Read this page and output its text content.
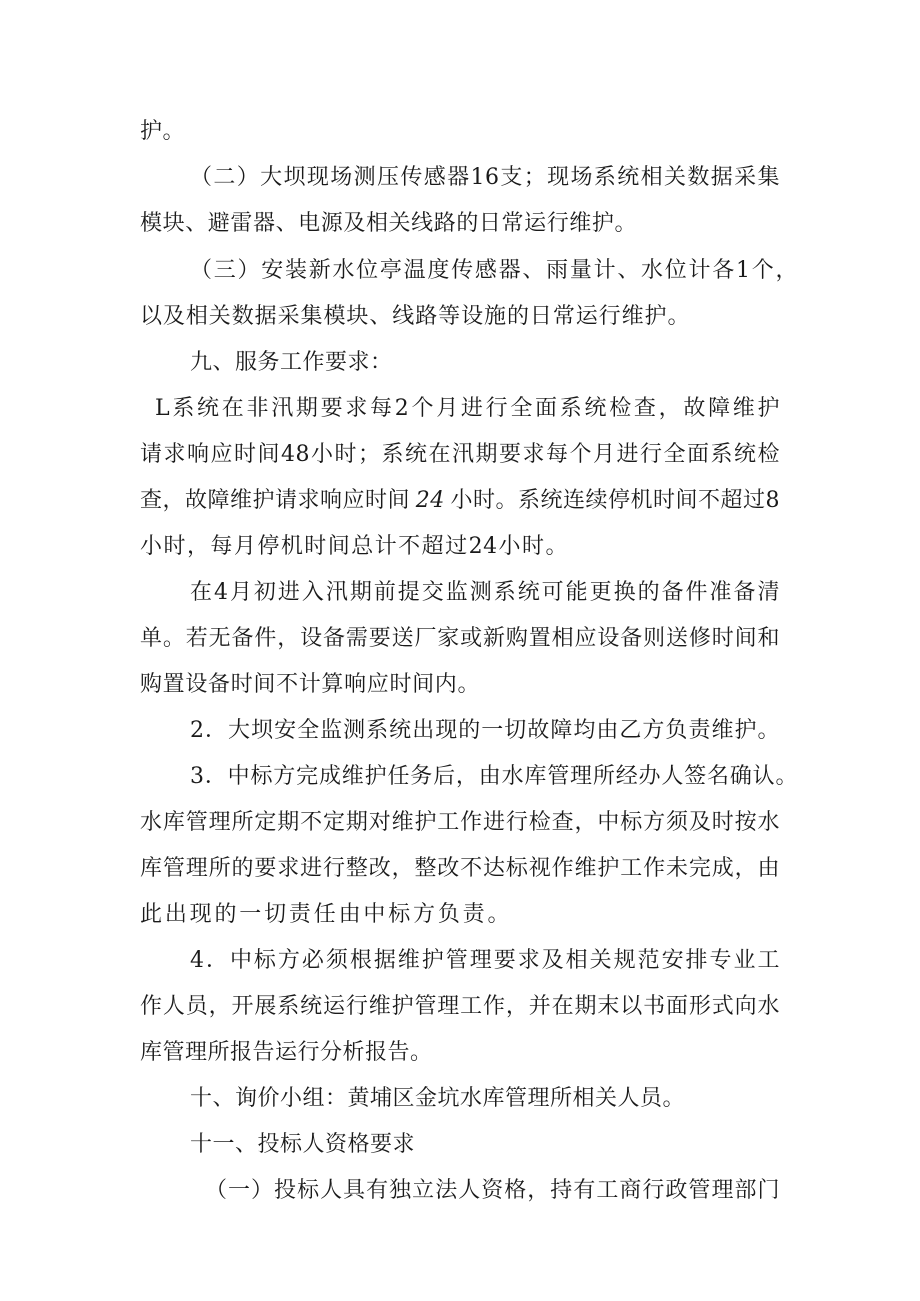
护。
（二）大坝现场测压传感器16支；现场系统相关数据采集
模块、避雷器、电源及相关线路的日常运行维护。
（三）安装新水位亭温度传感器、雨量计、水位计各1个，
以及相关数据采集模块、线路等设施的日常运行维护。
九、服务工作要求：
L系统在非汛期要求每2个月进行全面系统检查，故障维护
请求响应时间48小时；系统在汛期要求每个月进行全面系统检
查，故障维护请求响应时间 24 小时。系统连续停机时间不超过8
小时，每月停机时间总计不超过24小时。
在4月初进入汛期前提交监测系统可能更换的备件准备清
单。若无备件，设备需要送厂家或新购置相应设备则送修时间和
购置设备时间不计算响应时间内。
2．大坝安全监测系统出现的一切故障均由乙方负责维护。
3．中标方完成维护任务后，由水库管理所经办人签名确认。
水库管理所定期不定期对维护工作进行检查，中标方须及时按水
库管理所的要求进行整改，整改不达标视作维护工作未完成，由
此出现的一切责任由中标方负责。
4．中标方必须根据维护管理要求及相关规范安排专业工
作人员，开展系统运行维护管理工作，并在期末以书面形式向水
库管理所报告运行分析报告。
十、询价小组：黄埔区金坑水库管理所相关人员。
十一、投标人资格要求
（一）投标人具有独立法人资格，持有工商行政管理部门
